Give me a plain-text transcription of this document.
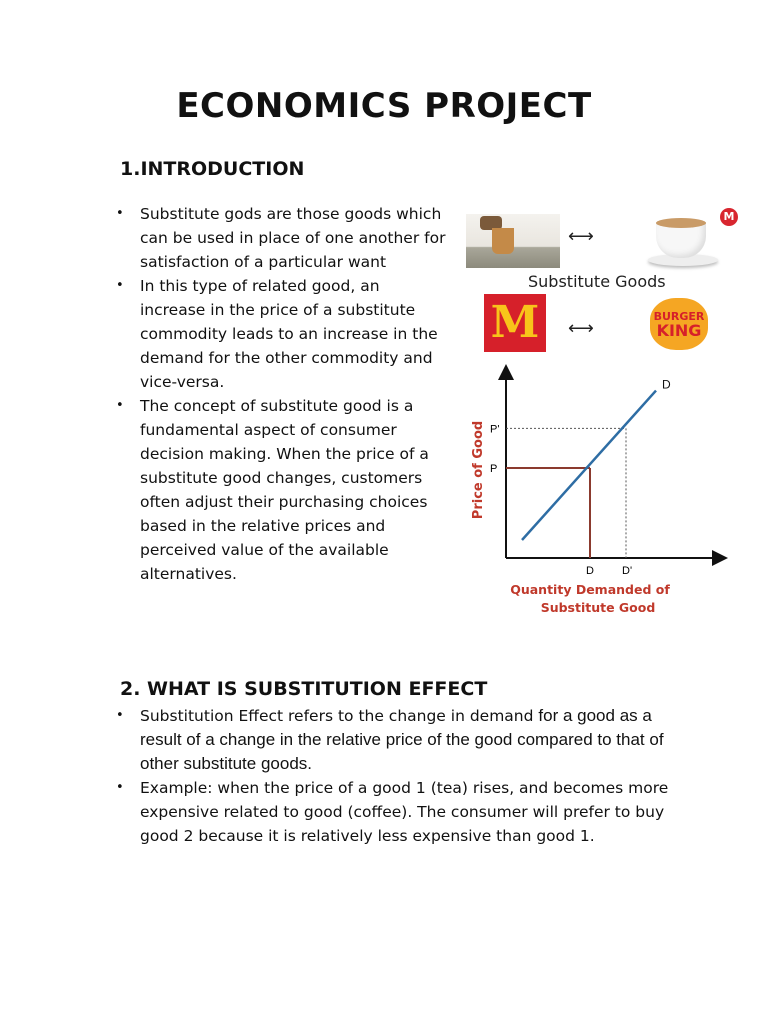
ECONOMICS PROJECT
1.INTRODUCTION
• Substitute gods are those goods which can be used in place of one another for satisfaction of a particular want
• In this type of related good, an increase in the price of a substitute commodity leads to an increase in the demand for the other commodity and vice-versa.
• The concept of substitute good is a fundamental aspect of consumer decision making. When the price of a substitute good changes, customers often adjust their purchasing choices based in the relative prices and perceived value of the available alternatives.
⟷
M
Substitute Goods
M	⟷
BURGER
KING
P
D
P'
D'
D
Price of Good
Quantity Demanded of
Substitute Good
2. WHAT IS SUBSTITUTION EFFECT
• Substitution Effect refers to the change in demand for a good as a result of a change in the relative price of the good compared to that of other substitute goods.
• Example: when the price of a good 1 (tea) rises, and becomes more expensive related to good (coffee). The consumer will prefer to buy good 2 because it is relatively less expensive than good 1.
